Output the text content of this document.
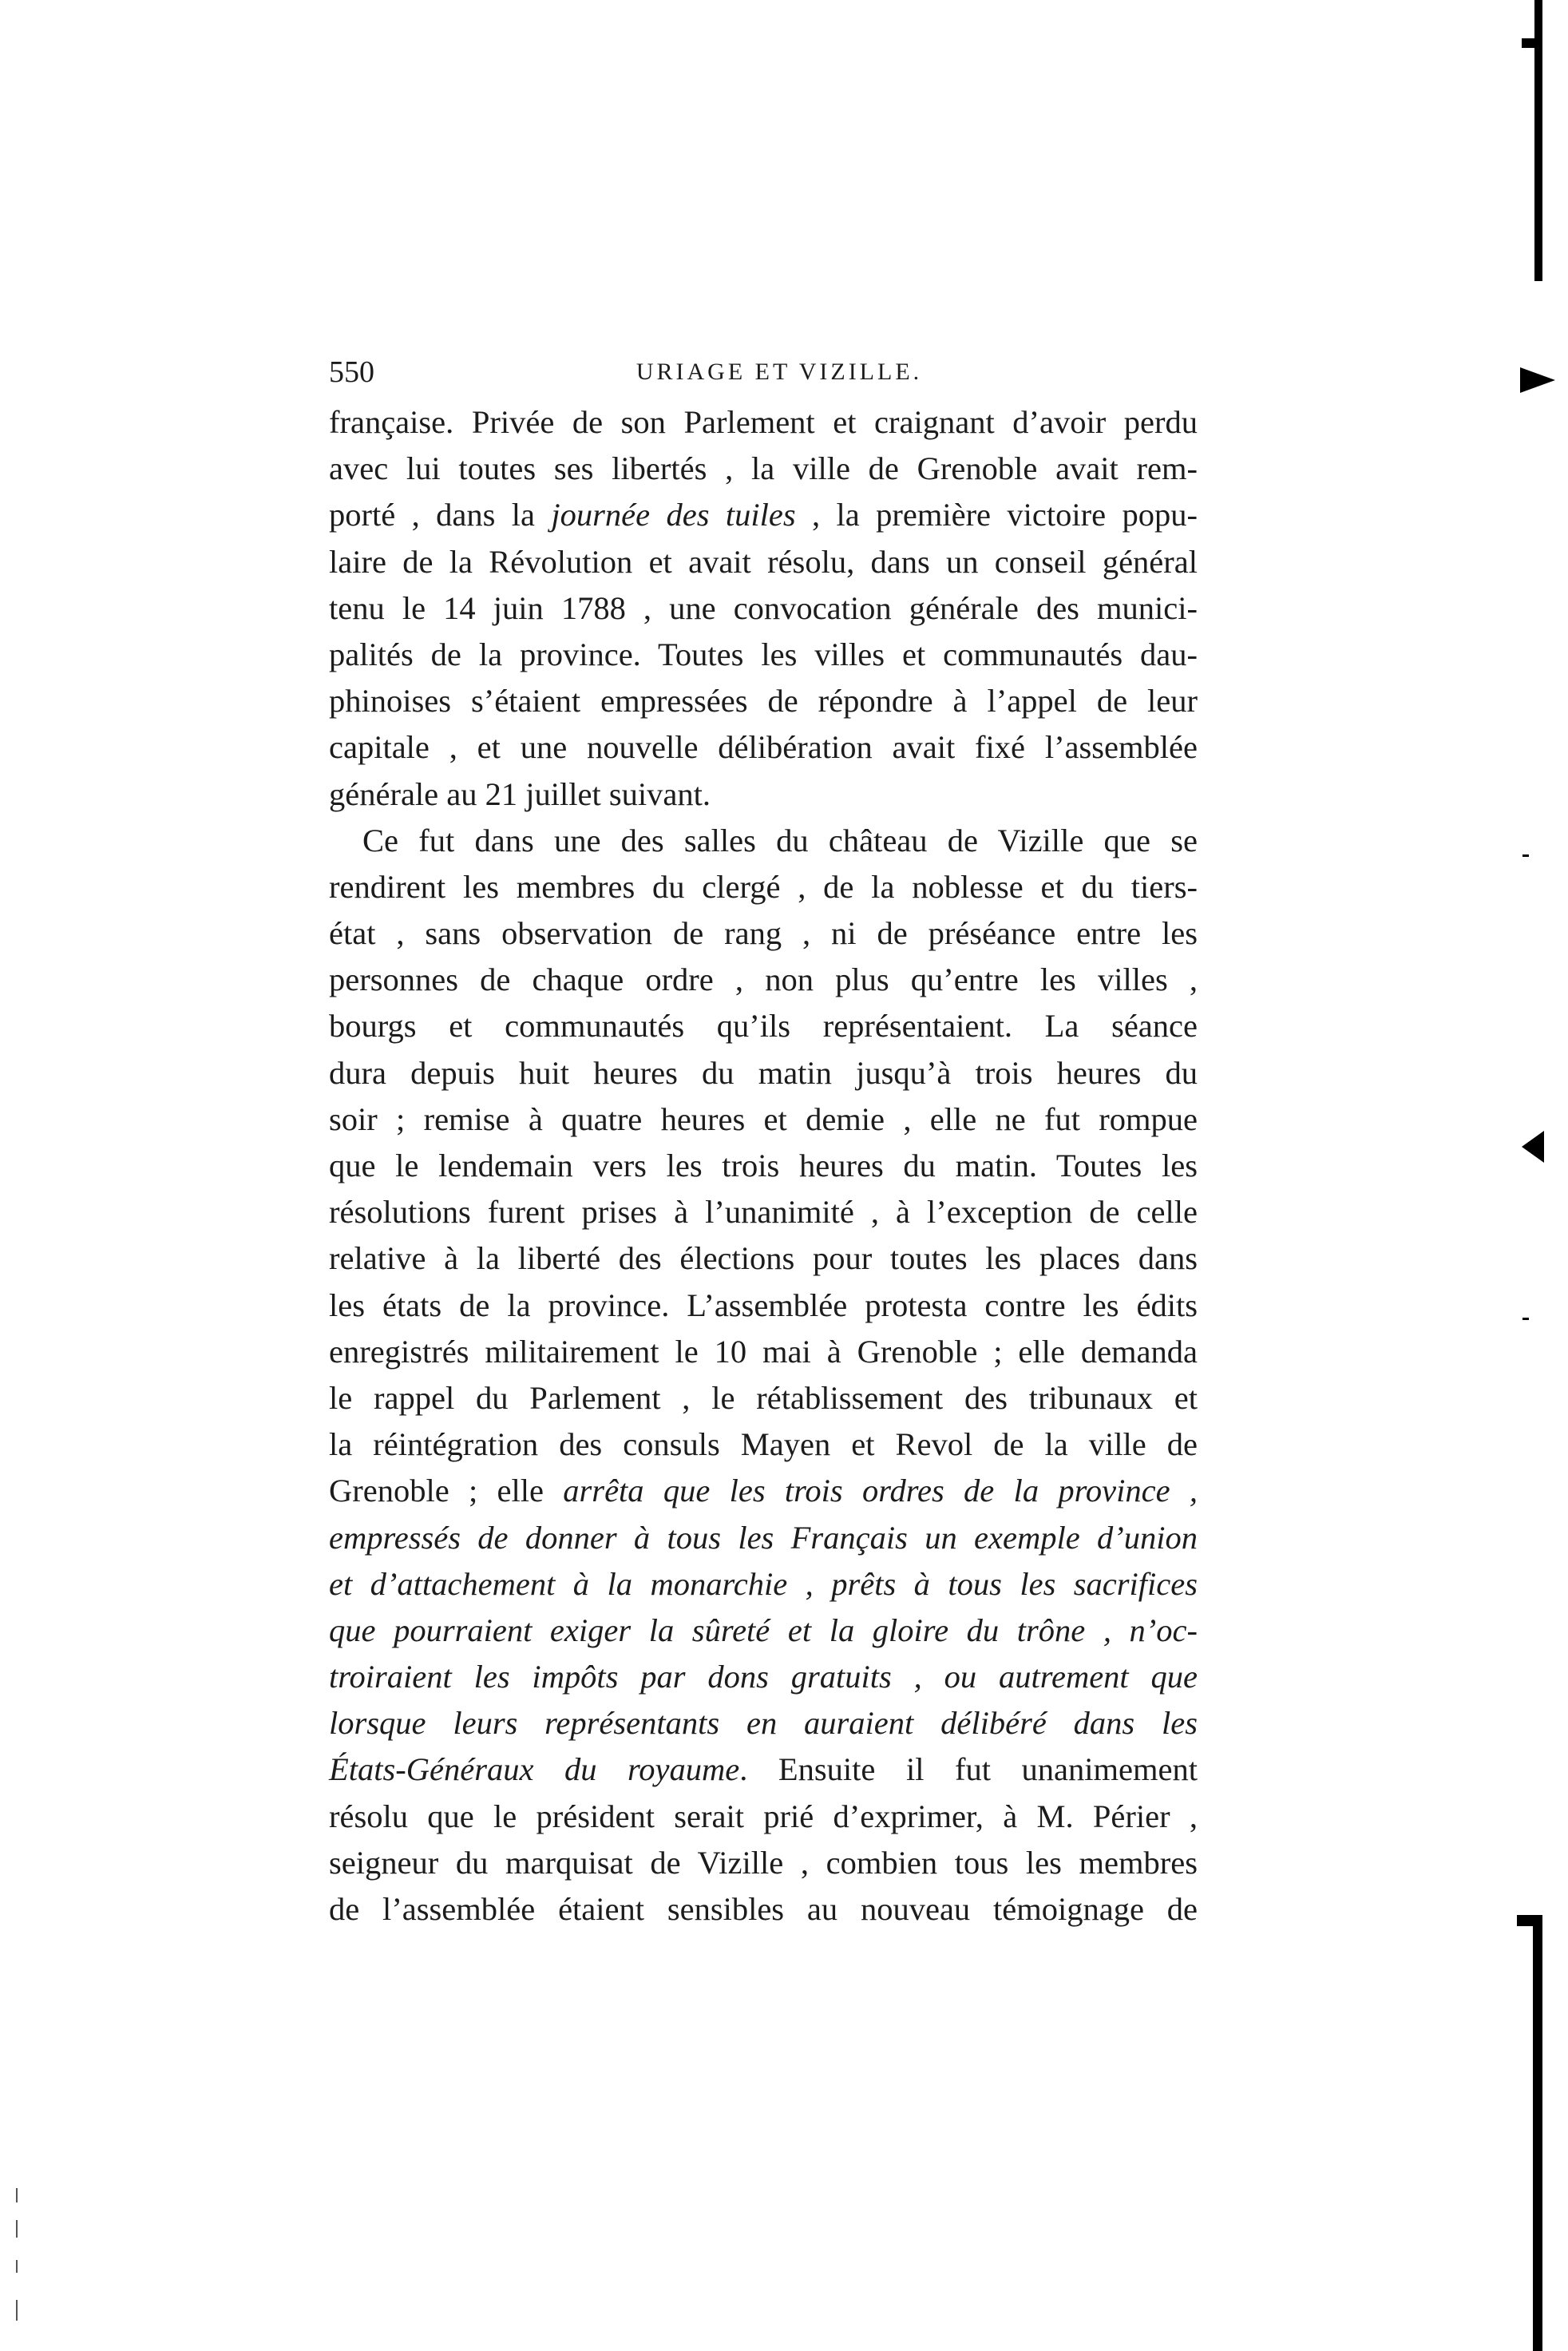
550	URIAGE ET VIZILLE.
française. Privée de son Parlement et craignant d’avoir perdu
avec lui toutes ses libertés , la ville de Grenoble avait rem-
porté , dans la journée des tuiles , la première victoire popu-
laire de la Révolution et avait résolu, dans un conseil général
tenu le 14 juin 1788 , une convocation générale des munici-
palités de la province. Toutes les villes et communautés dau-
phinoises s’étaient empressées de répondre à l’appel de leur
capitale , et une nouvelle délibération avait fixé l’assemblée
générale au 21 juillet suivant.
Ce fut dans une des salles du château de Vizille que se
rendirent les membres du clergé , de la noblesse et du tiers-
état , sans observation de rang , ni de préséance entre les
personnes de chaque ordre , non plus qu’entre les villes ,
bourgs et communautés qu’ils représentaient. La séance
dura depuis huit heures du matin jusqu’à trois heures du
soir ; remise à quatre heures et demie , elle ne fut rompue
que le lendemain vers les trois heures du matin. Toutes les
résolutions furent prises à l’unanimité , à l’exception de celle
relative à la liberté des élections pour toutes les places dans
les états de la province. L’assemblée protesta contre les édits
enregistrés militairement le 10 mai à Grenoble ; elle demanda
le rappel du Parlement , le rétablissement des tribunaux et
la réintégration des consuls Mayen et Revol de la ville de
Grenoble ; elle arrêta que les trois ordres de la province ,
empressés de donner à tous les Français un exemple d’union
et d’attachement à la monarchie , prêts à tous les sacrifices
que pourraient exiger la sûreté et la gloire du trône , n’oc-
troiraient les impôts par dons gratuits , ou autrement que
lorsque leurs représentants en auraient délibéré dans les
États-Généraux du royaume. Ensuite il fut unanimement
résolu que le président serait prié d’exprimer, à M. Périer ,
seigneur du marquisat de Vizille , combien tous les membres
de l’assemblée étaient sensibles au nouveau témoignage de
